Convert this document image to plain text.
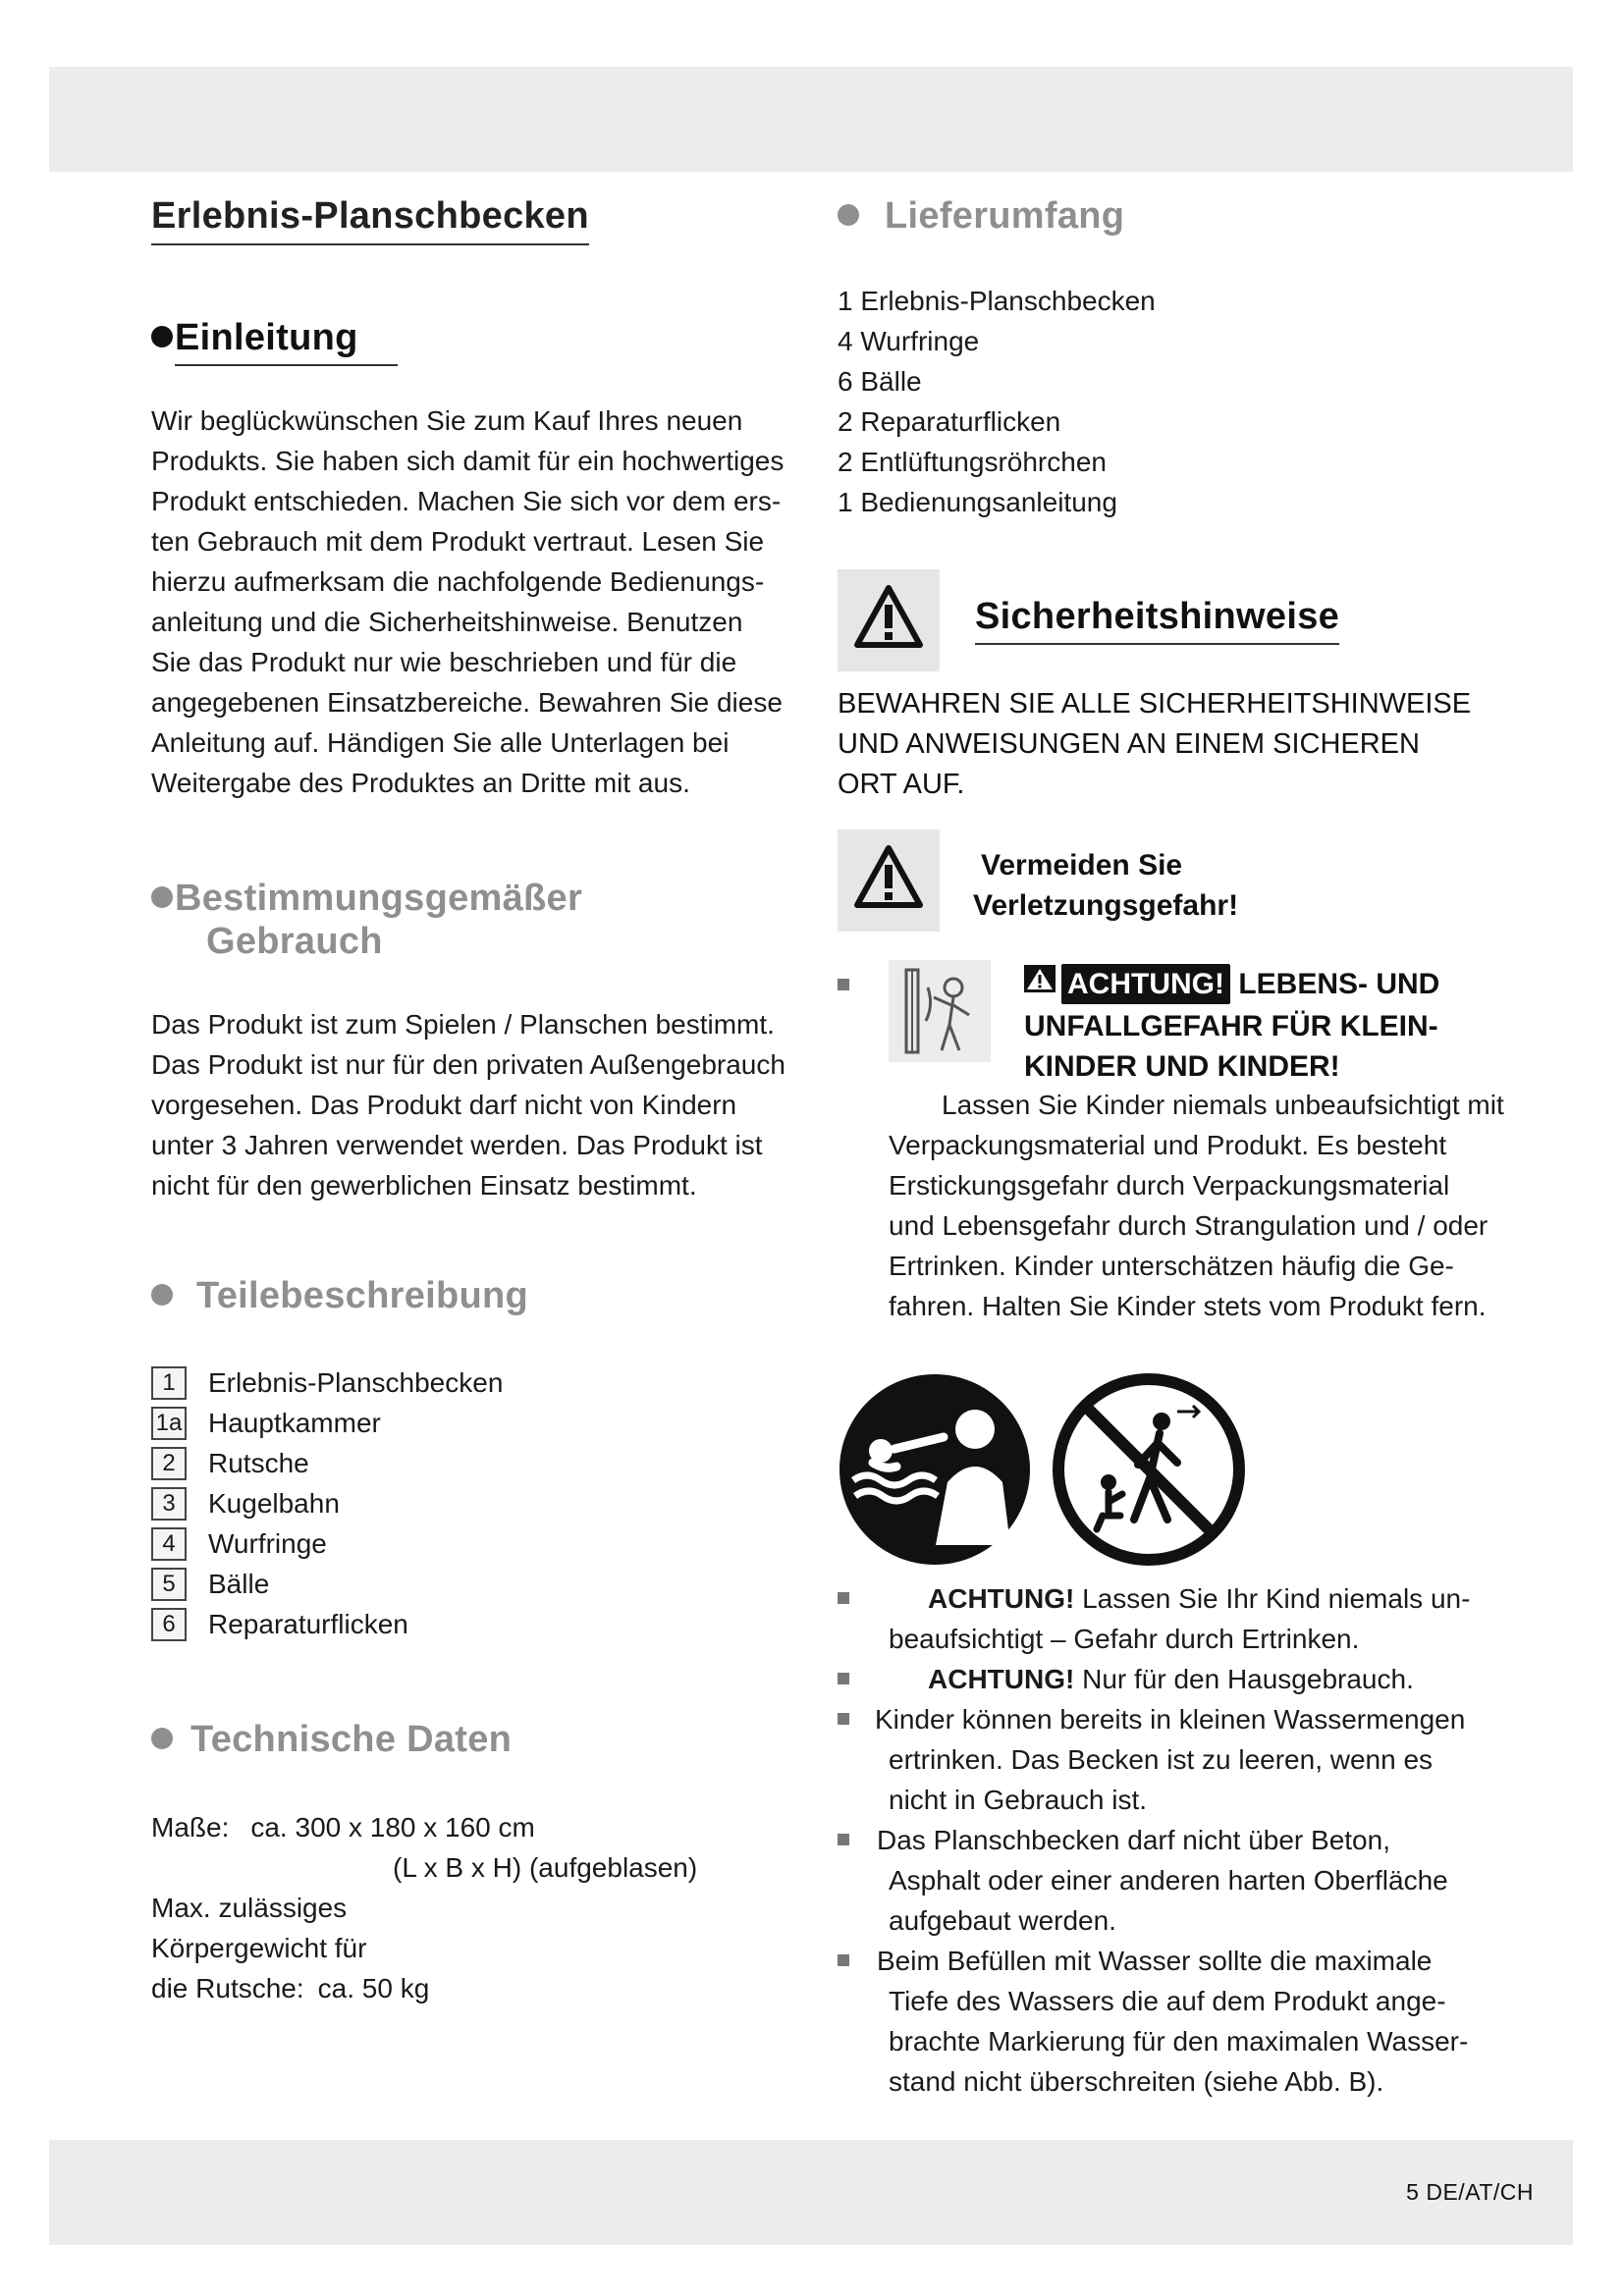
5 DE/AT/CH
Erlebnis-Planschbecken
Einleitung
Wir beglückwünschen Sie zum Kauf Ihres neuen
Produkts. Sie haben sich damit für ein hochwertiges
Produkt entschieden. Machen Sie sich vor dem ers-
ten Gebrauch mit dem Produkt vertraut. Lesen Sie
hierzu aufmerksam die nachfolgende Bedienungs-
anleitung und die Sicherheitshinweise. Benutzen
Sie das Produkt nur wie beschrieben und für die
angegebenen Einsatzbereiche. Bewahren Sie diese
Anleitung auf. Händigen Sie alle Unterlagen bei
Weitergabe des Produktes an Dritte mit aus.
Bestimmungsgemäßer
Gebrauch
Das Produkt ist zum Spielen / Planschen bestimmt.
Das Produkt ist nur für den privaten Außengebrauch
vorgesehen. Das Produkt darf nicht von Kindern
unter 3 Jahren verwendet werden. Das Produkt ist
nicht für den gewerblichen Einsatz bestimmt.
Teilebeschreibung
1	Erlebnis-Planschbecken
1a Hauptkammer
2	Rutsche
3	Kugelbahn
4	Wurfringe
5	Bälle
6	Reparaturflicken
Technische Daten
Maße: ca. 300 x 180 x 160 cm
(L x B x H) (aufgeblasen)
Max. zulässiges
Körpergewicht für
die Rutsche: ca. 50 kg
Lieferumfang
1 Erlebnis-Planschbecken
4 Wurfringe
6 Bälle
2 Reparaturflicken
2 Entlüftungsröhrchen
1 Bedienungsanleitung
Sicherheitshinweise
BEWAHREN SIE ALLE SICHERHEITSHINWEISE
UND ANWEISUNGEN AN EINEM SICHEREN
ORT AUF.
Vermeiden Sie
Verletzungsgefahr!
ACHTUNG! LEBENS- UND
UNFALLGEFAHR FÜR KLEIN-
KINDER UND KINDER!
Lassen Sie Kinder niemals unbeaufsichtigt mit
Verpackungsmaterial und Produkt. Es besteht
Erstickungsgefahr durch Verpackungsmaterial
und Lebensgefahr durch Strangulation und / oder
Ertrinken. Kinder unterschätzen häufig die Ge-
fahren. Halten Sie Kinder stets vom Produkt fern.
ACHTUNG! Lassen Sie Ihr Kind niemals un-
beaufsichtigt – Gefahr durch Ertrinken.
ACHTUNG! Nur für den Hausgebrauch.
Kinder können bereits in kleinen Wassermengen
ertrinken. Das Becken ist zu leeren, wenn es
nicht in Gebrauch ist.
Das Planschbecken darf nicht über Beton,
Asphalt oder einer anderen harten Oberfläche
aufgebaut werden.
Beim Befüllen mit Wasser sollte die maximale
Tiefe des Wassers die auf dem Produkt ange-
brachte Markierung für den maximalen Wasser-
stand nicht überschreiten (siehe Abb. B).
